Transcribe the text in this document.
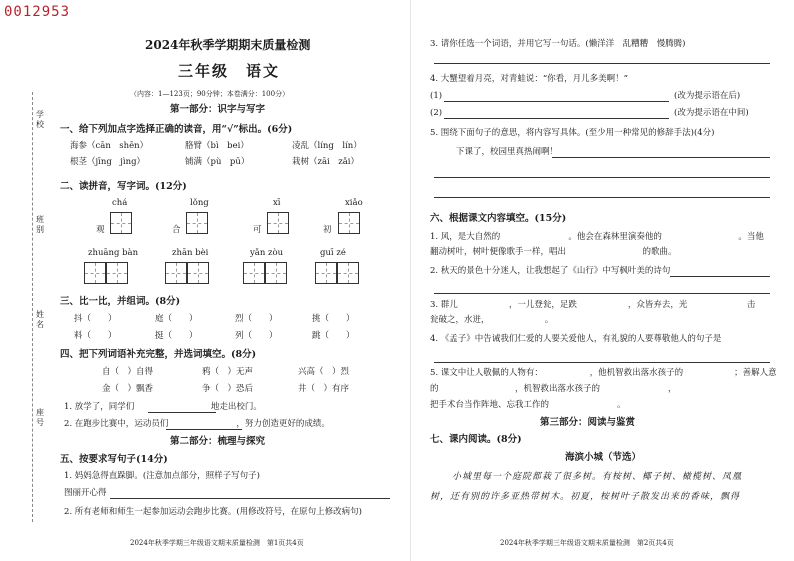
0012953
学校
班别
姓名
座号
2024年秋季学期期末质量检测
三年级　语文
（内容：1—123页；90分钟；本卷满分：100分）
第一部分：识字与写字
一、给下列加点字选择正确的读音，用“√”标出。(6分)
海参（cān　shēn）	胳臂（bì　bei）	凌乱（líng　lín）
根茎（jīng　jìng）	铺满（pù　pū）	栽树（zāi　zǎi）
二、读拼音，写字词。(12分)
chá	lǒng	xī	xiǎo
观	合	可	初
zhuāng bàn	zhān bèi	yǎn zòu	guī zé
三、比一比，并组词。(8分)
抖（　　）	庭（　　）	烈（　　）	挑（　　）
料（　　）	挺（　　）	列（　　）	跳（　　）
四、把下列词语补充完整，并选词填空。(8分)
自（　）自得	鸦（　）无声	兴高（　）烈
金（　）飘香	争（　）恐后	井（　）有序
1. 放学了，同学们　　　　　　　　　地走出校门。
2. 在跑步比赛中，运动员们　　　　　　　　，努力创造更好的成绩。
第二部分：梳理与探究
五、按要求写句子(14分)
1. 妈妈急得直跺脚。(注意加点部分，照样子写句子)
图丽开心得
2. 所有老师和师生一起参加运动会跑步比赛。(用修改符号，在原句上修改病句)
2024年秋季学期三年级语文期末质量检测　第1页共4页
3. 请你任选一个词语，并用它写一句话。(懒洋洋　乱糟糟　慢腾腾)
4. 大蟹望着月亮，对青蛙说：“你看，月儿多美啊！”
(1)	(改为提示语在后)
(2)	(改为提示语在中间)
5. 围绕下面句子的意思，将内容写具体。(至少用一种常见的修辞手法)(4分)
下课了，校园里真热闹啊！
六、根据课文内容填空。(15分)
1. 风，是大自然的　　　　　　　　。他会在森林里演奏他的　　　　　　　　　。当他
翻动树叶，树叶便像歌手一样，唱出　　　　　　　　　的歌曲。
2. 秋天的景色十分迷人，让我想起了《山行》中写枫叶美的诗句
3. 群儿　　　　　　，一儿登瓮，足跌　　　　　　，众皆弃去，光　　　　　　　击
瓮破之，水迸，　　　　　　　。
4. 《孟子》中告诫我们仁爱的人要关爱他人，有礼貌的人要尊敬他人的句子是
5. 课文中让人敬佩的人物有：　　　　　　，他机智救出落水孩子的　　　　　　；善解人意
的　　　　　　　　　，机智救出落水孩子的　　　　　　　　，
把手术台当作阵地、忘我工作的　　　　　　　　。
第三部分：阅读与鉴赏
七、课内阅读。(8分)
海滨小城（节选）
小城里每一个庭院都栽了很多树。有桉树、椰子树、橄榄树、凤凰
树，还有别的许多亚热带树木。初夏，桉树叶子散发出来的香味，飘得
2024年秋季学期三年级语文期末质量检测　第2页共4页
